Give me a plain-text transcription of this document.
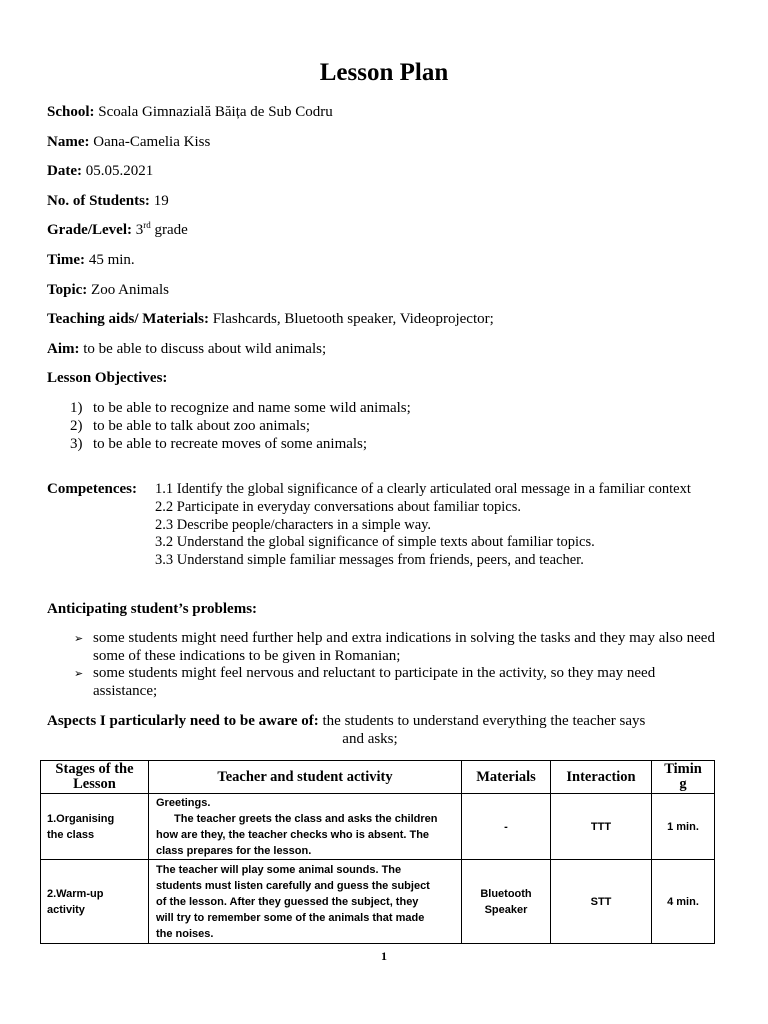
Lesson Plan
School: Scoala Gimnazială Băița de Sub Codru
Name: Oana-Camelia Kiss
Date: 05.05.2021
No. of Students: 19
Grade/Level: 3rd grade
Time: 45 min.
Topic: Zoo Animals
Teaching aids/ Materials: Flashcards, Bluetooth speaker, Videoprojector;
Aim: to be able to discuss about wild animals;
Lesson Objectives:
1) to be able to recognize and name some wild animals;
2) to be able to talk about zoo animals;
3) to be able to recreate moves of some animals;
Competences:	1.1 Identify the global significance of a clearly articulated oral message in a familiar context
2.2 Participate in everyday conversations about familiar topics.
2.3 Describe people/characters in a simple way.
3.2 Understand the global significance of simple texts about familiar topics.
3.3 Understand simple familiar messages from friends, peers, and teacher.
Anticipating student’s problems:
➢
some students might need further help and extra indications in solving the tasks and they may also need some of these indications to be given in Romanian;
➢
some students might feel nervous and reluctant to participate in the activity, so they may need assistance;
Aspects I particularly need to be aware of: the students to understand everything the teacher says
and asks;
Stages of the Lesson	Teacher and student activity	Materials	Interaction	Timing
1.Organising the class	Greetings.
The teacher greets the class and asks the children how are they, the teacher checks who is absent. The class prepares for the lesson.	-	TTT	1 min.
2.Warm-up activity	The teacher will play some animal sounds. The students must listen carefully and guess the subject of the lesson. After they guessed the subject, they will try to remember some of the animals that made the noises.	Bluetooth Speaker	STT	4 min.
1
